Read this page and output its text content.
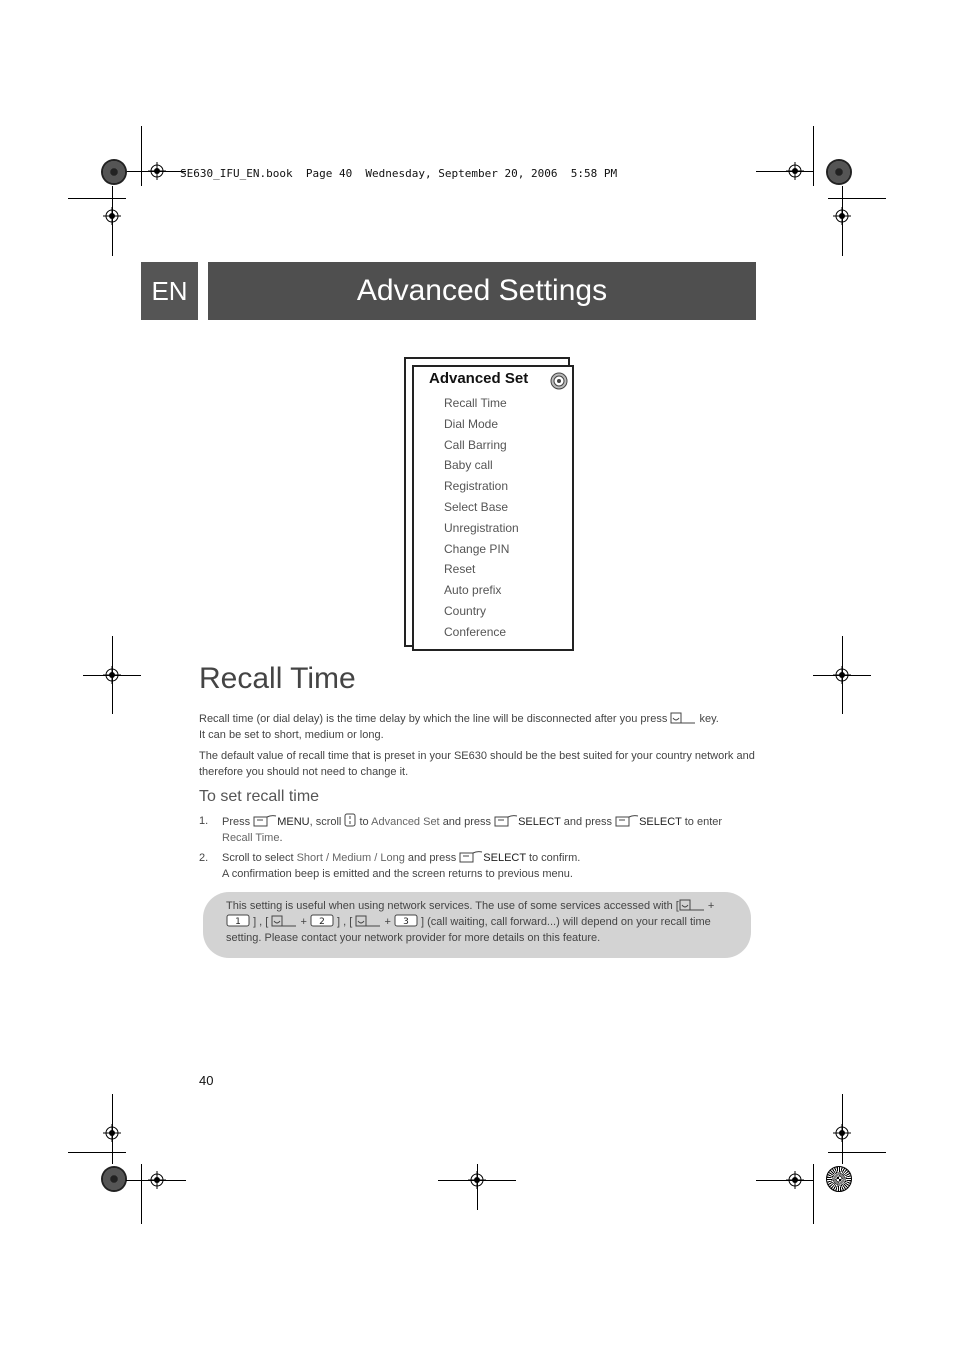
SE630_IFU_EN.book  Page 40  Wednesday, September 20, 2006  5:58 PM
EN	Advanced Settings
Advanced Set
Recall Time
Dial Mode
Call Barring
Baby call
Registration
Select Base
Unregistration
Change PIN
Reset
Auto prefix
Country
Conference
Recall Time
Recall time (or dial delay) is the time delay by which the line will be disconnected after you press	key.
It can be set to short, medium or long.
The default value of recall time that is preset in your SE630 should be the best suited for your country network and therefore you should not need to change it.
To set recall time
1. Press MENU, scroll to Advanced Set and press SELECT and press SELECT to enter
Recall Time.
2. Scroll to select Short / Medium / Long and press SELECT to confirm.
A confirmation beep is emitted and the screen returns to previous menu.
This setting is useful when using network services. The use of some services accessed with [	+

1 ] , [	+ 2 ] , [	+ 3 ] (call waiting, call forward...) will depend on your recall time setting. Please contact your network provider for more details on this feature.
40
